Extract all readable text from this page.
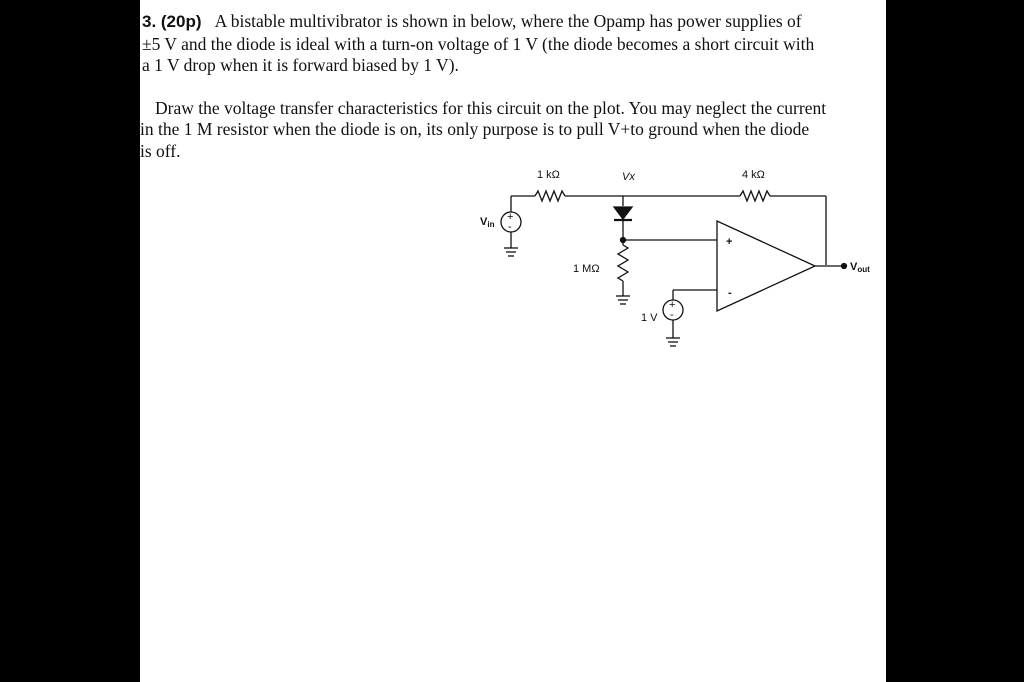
3. (20p) A bistable multivibrator is shown in below, where the Opamp has power supplies of
±5 V and the diode is ideal with a turn-on voltage of 1 V (the diode becomes a short circuit with
a 1 V drop when it is forward biased by 1 V).
Draw the voltage transfer characteristics for this circuit on the plot. You may neglect the current
in the 1 M resistor when the diode is on, its only purpose is to pull V+to ground when the diode
is off.
1 kΩ	4 kΩ
1 MΩ
Vx
Vin
Vout
1 V
+
-
+
-
+
-
